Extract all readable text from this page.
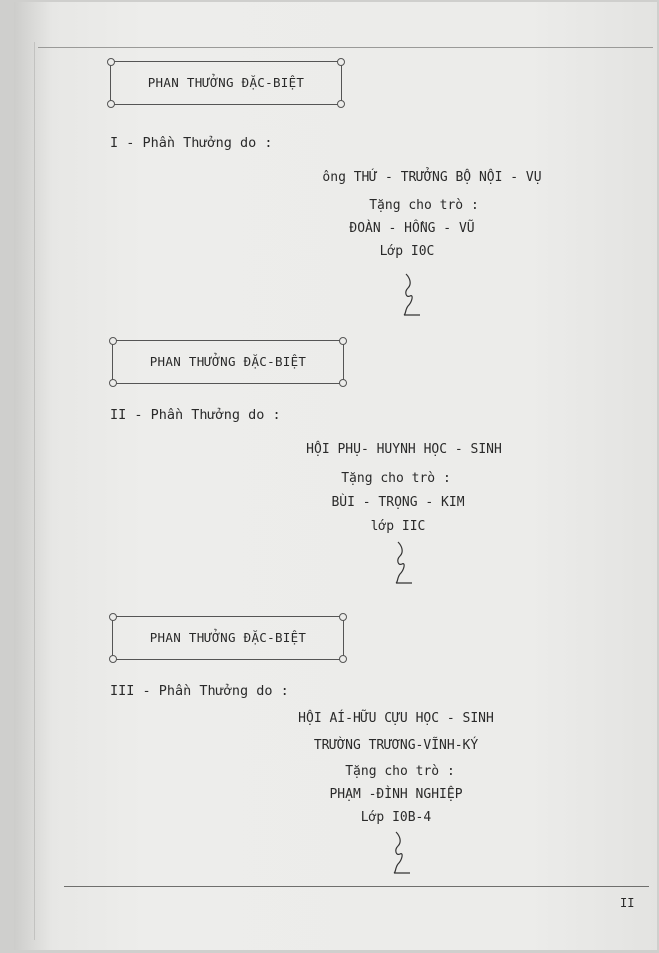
PHAN THƯỞNG ĐẶC-BIỆT
I - Phần Thưởng do :
ông THỨ - TRƯỞNG BỘ NỘI - VỤ
Tặng cho trò :
ĐOÀN - HỒNG - VŨ
Lớp I0C
PHAN THƯỞNG ĐẶC-BIỆT
II - Phần Thưởng do :
HỘI PHỤ- HUYNH HỌC - SINH
Tặng cho trò :
BÙI - TRỌNG - KIM
lớp IIC
PHAN THƯỞNG ĐẶC-BIỆT
III - Phần Thưởng do :
HỘI AÍ-HỮU CỰU HỌC - SINH
TRƯỜNG TRƯƠNG-VĨNH-KÝ
Tặng cho trò :
PHẠM -ĐÌNH NGHIỆP
Lớp I0B-4
II
